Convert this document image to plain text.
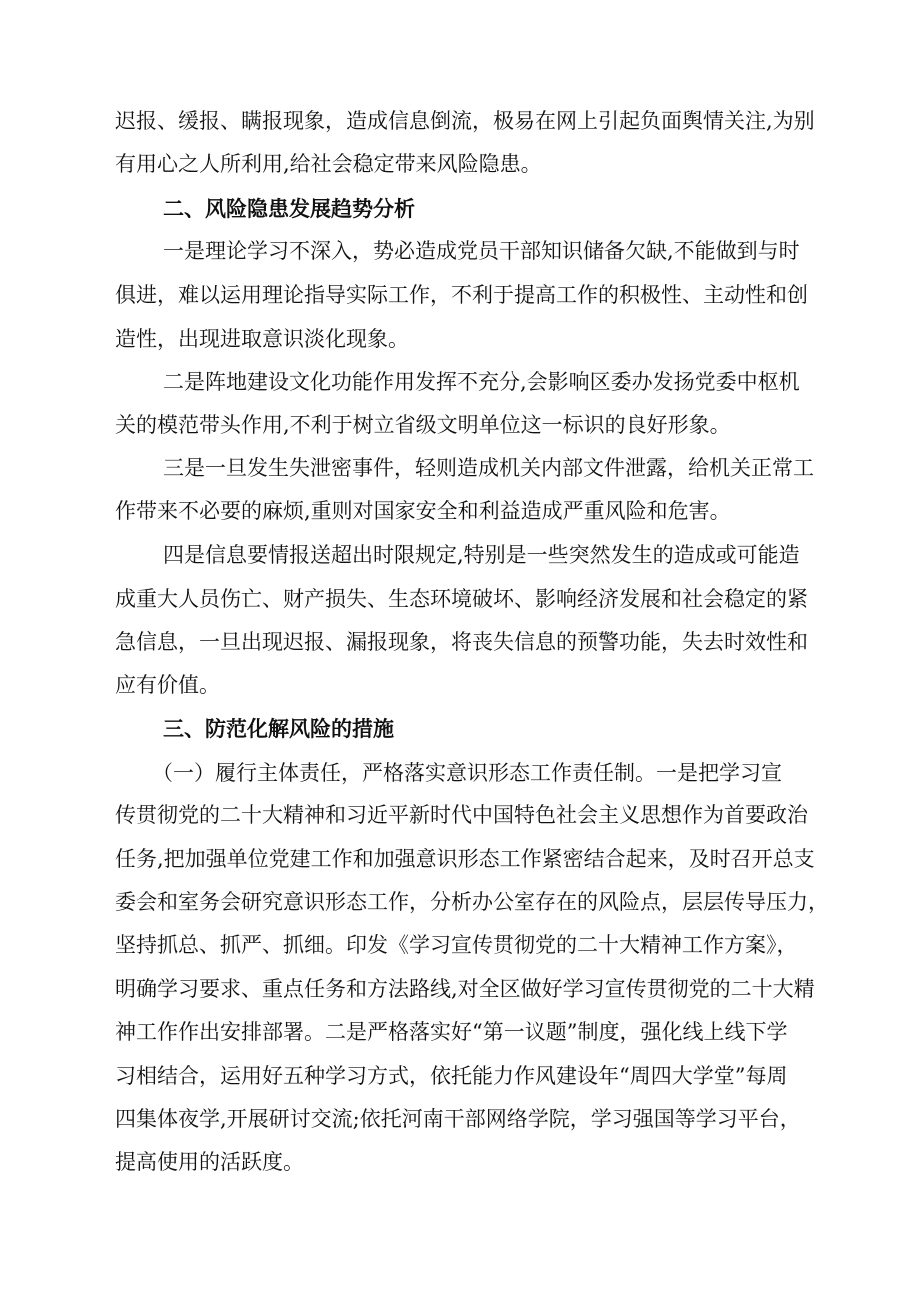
迟报、缓报、瞒报现象，造成信息倒流，极易在网上引起负面舆情关注,为别
有用心之人所利用,给社会稳定带来风险隐患。
二、风险隐患发展趋势分析
一是理论学习不深入，势必造成党员干部知识储备欠缺,不能做到与时
俱进，难以运用理论指导实际工作，不利于提高工作的积极性、主动性和创
造性，出现进取意识淡化现象。
二是阵地建设文化功能作用发挥不充分,会影响区委办发扬党委中枢机
关的模范带头作用,不利于树立省级文明单位这一标识的良好形象。
三是一旦发生失泄密事件，轻则造成机关内部文件泄露，给机关正常工
作带来不必要的麻烦,重则对国家安全和利益造成严重风险和危害。
四是信息要情报送超出时限规定,特别是一些突然发生的造成或可能造
成重大人员伤亡、财产损失、生态环境破坏、影响经济发展和社会稳定的紧
急信息，一旦出现迟报、漏报现象，将丧失信息的预警功能，失去时效性和
应有价值。
三、防范化解风险的措施
（一）履行主体责任，严格落实意识形态工作责任制。一是把学习宣
传贯彻党的二十大精神和习近平新时代中国特色社会主义思想作为首要政治
任务,把加强单位党建工作和加强意识形态工作紧密结合起来，及时召开总支
委会和室务会研究意识形态工作，分析办公室存在的风险点，层层传导压力，
坚持抓总、抓严、抓细。印发《学习宣传贯彻党的二十大精神工作方案》，
明确学习要求、重点任务和方法路线,对全区做好学习宣传贯彻党的二十大精
神工作作出安排部署。二是严格落实好“第一议题”制度，强化线上线下学
习相结合，运用好五种学习方式，依托能力作风建设年“周四大学堂”每周
四集体夜学,开展研讨交流;依托河南干部网络学院，学习强国等学习平台，
提高使用的活跃度。
